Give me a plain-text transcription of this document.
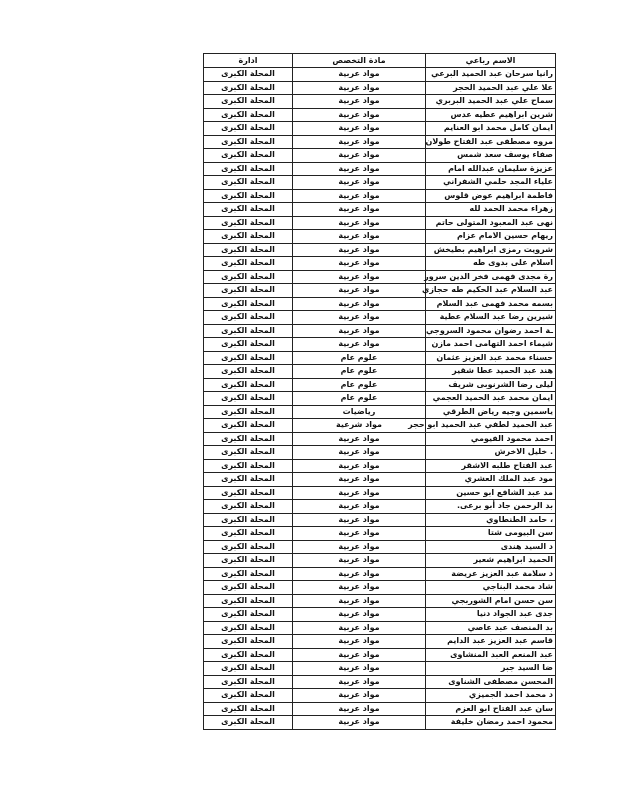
الاسم رباعي	مادة التخصص	ادارة
رانيا سرحان عبد الحميد البرعي	مواد عربية	المحلة الكبرى
علا علي عبد الحميد الحجر	مواد عربية	المحلة الكبرى
سماح علي عبد الحميد البربري	مواد عربية	المحلة الكبرى
شرين ابراهيم عطيه عدس	مواد عربية	المحلة الكبرى
ايمان كامل محمد ابو العنايم	مواد عربية	المحلة الكبرى
مروه مصطفى عبد الفتاح طولان	مواد عربية	المحلة الكبرى
صفاء يوسف سعد شمس	مواد عربية	المحلة الكبرى
عزيزة سليمان عبدالله امام	مواد عربية	المحلة الكبرى
علياء المجد حلمي الشفراني	مواد عربية	المحلة الكبرى
فاطمة ابراهيم عوض قلوس	مواد عربية	المحلة الكبرى
زهراء محمد الحمد لله	مواد عربية	المحلة الكبرى
نهى عبد المعبود المتولى حاتم	مواد عربية	المحلة الكبرى
ريهام حسين الامام عزام	مواد عربية	المحلة الكبرى
شرويت رمزى ابراهيم بطيخش	مواد عربية	المحلة الكبرى
اسلام على بدوى طه	مواد عربية	المحلة الكبرى
رة مجدى فهمى فخر الدين سرور	مواد عربية	المحلة الكبرى
عبد السلام عبد الحكيم طه حجازي	مواد عربية	المحلة الكبرى
بسمه محمد فهمى عبد السلام	مواد عربية	المحلة الكبرى
شيرين رضا عبد السلام عطية	مواد عربية	المحلة الكبرى
ـة احمد رضوان محمود السروجي	مواد عربية	المحلة الكبرى
شيماء احمد التهامى احمد مازن	مواد عربية	المحلة الكبرى
حسناء محمد عبد العزيز عثمان	علوم عام	المحلة الكبرى
هند عبد الحميد عطا شقير	علوم عام	المحلة الكبرى
ليلى رضا الشرنوبى شريف	علوم عام	المحلة الكبرى
ايمان محمد عبد الحميد العجمي	علوم عام	المحلة الكبرى
ياسمين وجيه رياض الطرقي	رياضيات	المحلة الكبرى
عبد الحميد لطفي عبد الحميد ابو حجر	مواد شرعية	المحلة الكبرى
احمد محمود الفيومي	مواد عربية	المحلة الكبرى
. خليل الاخرش	مواد عربية	المحلة الكبرى
عبد الفتاح طلبه الاشقر	مواد عربية	المحلة الكبرى
مود عبد الملك العشري	مواد عربية	المحلة الكبرى
مد عبد الشافع ابو حسين	مواد عربية	المحلة الكبرى
بد الرحمن جاد أبو برعى.	مواد عربية	المحلة الكبرى
، حامد الطنطاوي	مواد عربية	المحلة الكبرى
سن البيومى شتا	مواد عربية	المحلة الكبرى
د السيد هندى	مواد عربية	المحلة الكبرى
الحميد ابراهيم شعير	مواد عربية	المحلة الكبرى
د سلامة عبد العزيز عريضة	مواد عربية	المحلة الكبرى
شاد محمد البناجي	مواد عربية	المحلة الكبرى
سن حسن امام الشوربجي	مواد عربية	المحلة الكبرى
جدى عبد الجواد دنيا	مواد عربية	المحلة الكبرى
بد المنصف عبد عاصي	مواد عربية	المحلة الكبرى
قاسم عبد العزيز عبد الدايم	مواد عربية	المحلة الكبرى
عبد المنعم العبد المنشاوى	مواد عربية	المحلة الكبرى
ضا السيد جبر	مواد عربية	المحلة الكبرى
المحسن مصطفى الشناوى	مواد عربية	المحلة الكبرى
د محمد احمد الجميزي	مواد عربية	المحلة الكبرى
سان عبد الفتاح ابو العزم	مواد عربية	المحلة الكبرى
محمود احمد رمضان خليفة	مواد عربية	المحلة الكبرى
